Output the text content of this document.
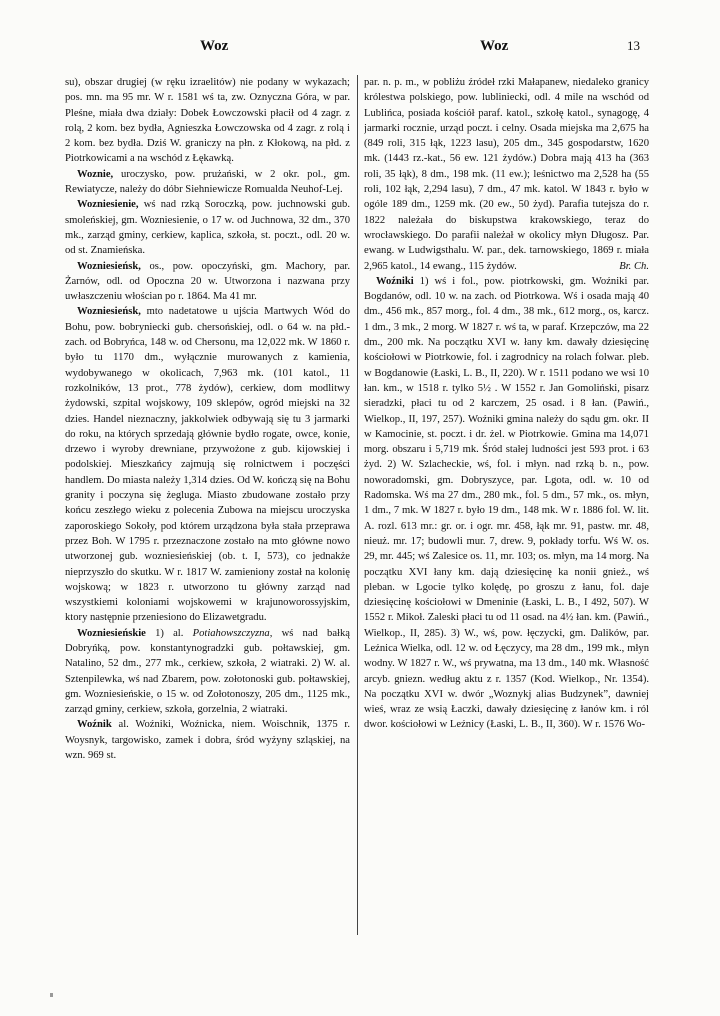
Woz	Woz	13

su), obszar drugiej (w ręku izraelitów) nie podany w wykazach; pos. mn. ma 95 mr. W r. 1581 wś ta, zw. Oznyczna Góra, w par. Pleśne, miała dwa działy: Dobek Łowczowski płacił od 4 zagr. z rolą, 2 kom. bez bydła, Agnieszka Łowczowska od 4 zagr. z rolą i 2 kom. bez bydła. Dziś W. graniczy na płn. z Kłokową, na płd. z Piotrkowicami a na wschód z Łękawką.

Woznie, uroczysko, pow. prużański, w 2 okr. pol., gm. Rewiatycze, należy do dóbr Siehniewicze Romualda Neuhof-Lej.

Wozniesienie, wś nad rzką Soroczką, pow. juchnowski gub. smoleńskiej, gm. Wozniesienie, o 17 w. od Juchnowa, 32 dm., 370 mk., zarząd gminy, cerkiew, kaplica, szkoła, st. poczt., odl. 20 w. od st. Znamieńska.

Wozniesieńsk, os., pow. opoczyński, gm. Machory, par. Żarnów, odl. od Opoczna 20 w. Utworzona i nazwana przy uwłaszczeniu włościan po r. 1864. Ma 41 mr.

Wozniesieńsk, mto nadetatowe u ujścia Martwych Wód do Bohu, pow. bobryniecki gub. chersońskiej, odl. o 64 w. na płd.-zach. od Bobryńca, 148 w. od Chersonu, ma 12,022 mk. W 1860 r. było tu 1170 dm., wyłącznie murowanych z kamienia, wydobywanego w okolicach, 7,963 mk. (101 katol., 11 rozkolników, 13 prot., 778 żydów), cerkiew, dom modlitwy żydowski, szpital wojskowy, 109 sklepów, ogród miejski na 32 dzies. Handel nieznaczny, jakkolwiek odbywają się tu 3 jarmarki do roku, na których sprzedają głównie bydło rogate, owce, konie, drzewo i wyroby drewniane, przywożone z gub. kijowskiej i podolskiej. Mieszkańcy zajmują się rolnictwem i poczęści handlem. Do miasta należy 1,314 dzies. Od W. kończą się na Bohu granity i poczyna się żegluga. Miasto zbudowane zostało przy końcu zeszłego wieku z polecenia Zubowa na miejscu uroczyska zaporoskiego Sokoły, pod którem urządzona była stała przeprawa przez Boh. W 1795 r. przeznaczone zostało na mto główne nowo utworzonej gub. wozniesieńskiej (ob. t. I, 573), co jednakże nieprzyszło do skutku. W r. 1817 W. zamieniony został na kolonię wojskową; w 1823 r. utworzono tu główny zarząd nad wszystkiemi koloniami wojskowemi w krajunoworossyjskim, ktory następnie przeniesiono do Elizawetgradu.

Wozniesieńskie 1) al. Potiahowszczyzna, wś nad bałką Dobryńką, pow. konstantynogradzki gub. połtawskiej, gm. Natalino, 52 dm., 277 mk., cerkiew, szkoła, 2 wiatraki. 2) W. al. Sztenpilewka, wś nad Zbarem, pow. zołotonoski gub. połtawskiej, gm. Wozniesieńskie, o 15 w. od Zołotonoszy, 205 dm., 1125 mk., zarząd gminy, cerkiew, szkoła, gorzelnia, 2 wiatraki.

Woźnik al. Woźniki, Woźnicka, niem. Woischnik, 1375 r. Woysnyk, targowisko, zamek i dobra, śród wyżyny szląskiej, na wzn. 969 st.

par. n. p. m., w pobliżu źródeł rzki Małapanew, niedaleko granicy królestwa polskiego, pow. lubliniecki, odl. 4 mile na wschód od Lublińca, posiada kościół paraf. katol., szkołę katol., synagogę, 4 jarmarki rocznie, urząd poczt. i celny. Osada miejska ma 2,675 ha (849 roli, 315 łąk, 1223 lasu), 205 dm., 345 gospodarstw, 1620 mk. (1443 rz.-kat., 56 ew. 121 żydów.) Dobra mają 413 ha (363 roli, 35 łąk), 8 dm., 198 mk. (11 ew.); leśnictwo ma 2,528 ha (55 roli, 102 łąk, 2,294 lasu), 7 dm., 47 mk. katol. W 1843 r. było w ogóle 189 dm., 1259 mk. (20 ew., 50 żyd). Parafia tutejsza do r. 1822 należała do biskupstwa krakowskiego, teraz do wrocławskiego. Do parafii należał w okolicy młyn Długosz. Par. ewang. w Ludwigsthalu. W. par., dek. tarnowskiego, 1869 r. miała 2,965 katol., 14 ewang., 115 żydów.	Br. Ch.

Woźniki 1) wś i fol., pow. piotrkowski, gm. Woźniki par. Bogdanów, odl. 10 w. na zach. od Piotrkowa. Wś i osada mają 40 dm., 456 mk., 857 morg., fol. 4 dm., 38 mk., 612 morg., os, karcz. 1 dm., 3 mk., 2 morg. W 1827 r. wś ta, w paraf. Krzepczów, ma 22 dm., 200 mk. Na początku XVI w. łany km. dawały dziesięcinę kościołowi w Piotrkowie, fol. i zagrodnicy na rolach folwar. pleb. w Bogdanowie (Łaski, L. B., II, 220). W r. 1511 podano we wsi 10 łan. km., w 1518 r. tylko 5½ . W 1552 r. Jan Gomoliński, pisarz sieradzki, płaci tu od 2 karczem, 25 osad. i 8 łan. (Pawiń., Wielkop., II, 197, 257). Woźniki gmina należy do sądu gm. okr. II w Kamocinie, st. poczt. i dr. żel. w Piotrkowie. Gmina ma 14,071 morg. obszaru i 5,719 mk. Śród stałej ludności jest 593 prot. i 63 żyd. 2) W. Szlacheckie, wś, fol. i młyn. nad rzką b. n., pow. noworadomski, gm. Dobryszyce, par. Lgota, odl. w. 10 od Radomska. Wś ma 27 dm., 280 mk., fol. 5 dm., 57 mk., os. młyn, 1 dm., 7 mk. W 1827 r. było 19 dm., 148 mk. W r. 1886 fol. W. lit. A. rozl. 613 mr.: gr. or. i ogr. mr. 458, łąk mr. 91, pastw. mr. 48, nieuż. mr. 17; budowli mur. 7, drew. 9, pokłady torfu. Wś W. os. 29, mr. 445; wś Zalesice os. 11, mr. 103; os. młyn, ma 14 morg. Na początku XVI łany km. dają dziesięcinę ka nonii gnież., wś pleban. w Lgocie tylko kolędę, po groszu z łanu, fol. daje dziesięcinę kościołowi w Dmeninie (Łaski, L. B., I 492, 507). W 1552 r. Mikoł. Zaleski płaci tu od 11 osad. na 4½ łan. km. (Pawiń., Wielkop., II, 285). 3) W., wś, pow. łęczycki, gm. Dalików, par. Leźnica Wielka, odl. 12 w. od Łęczycy, ma 28 dm., 199 mk., młyn wodny. W 1827 r. W., wś prywatna, ma 13 dm., 140 mk. Własność arcyb. gniezn. według aktu z r. 1357 (Kod. Wielkop., Nr. 1354). Na początku XVI w. dwór „Woznykj alias Budzynek”, dawniej wieś, wraz ze wsią Łaczki, dawały dziesięcinę z łanów km. i ról dwor. kościołowi w Leźnicy (Łaski, L. B., II, 360). W r. 1576 Wo-
